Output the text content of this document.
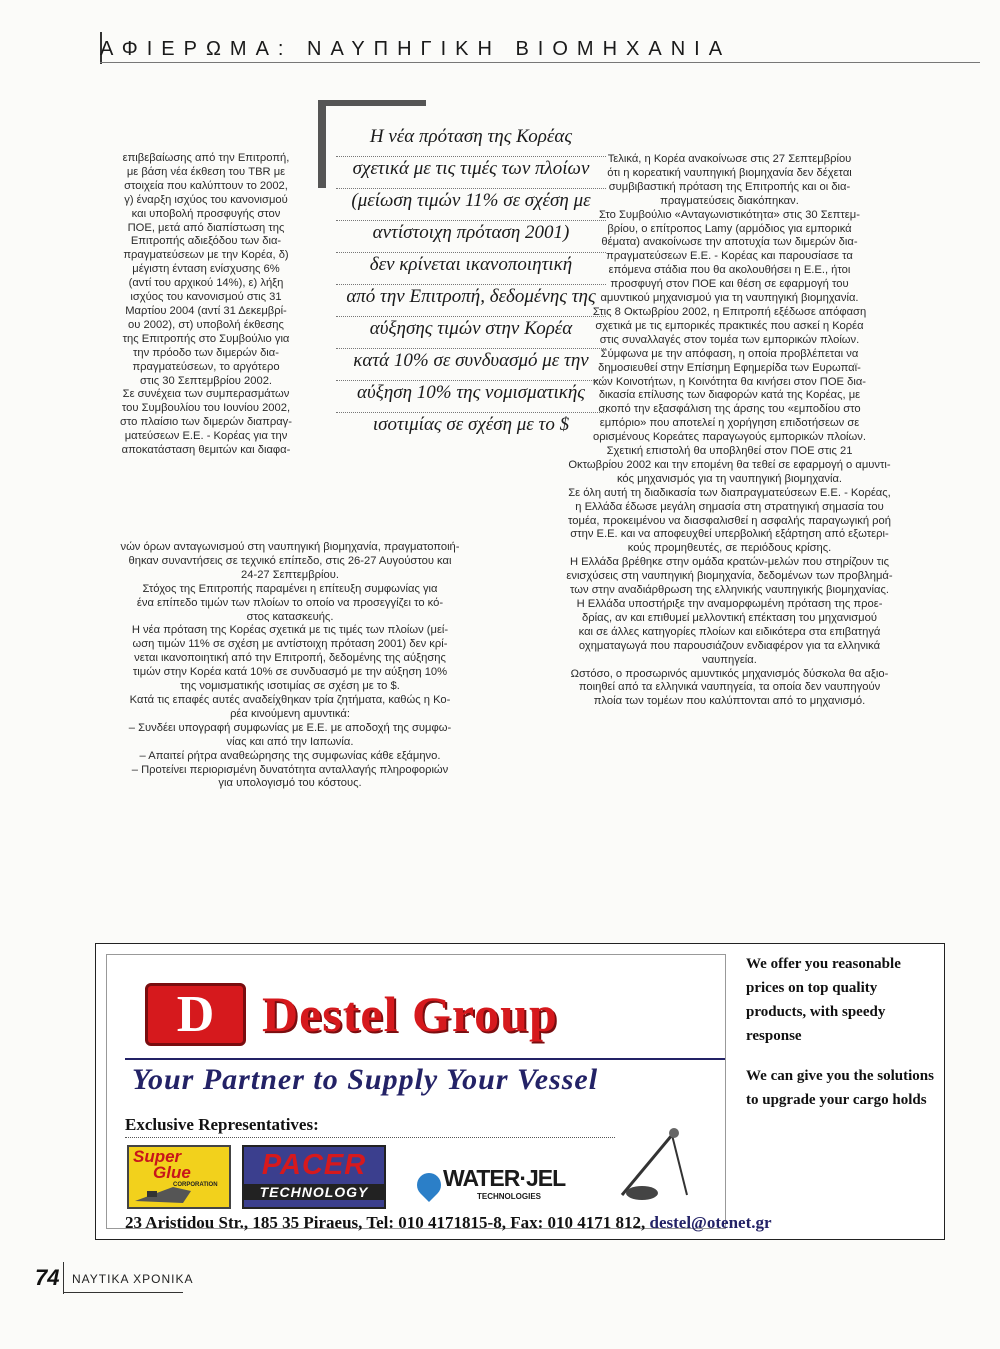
ΑΦΙΕΡΩΜΑ: ΝΑΥΠΗΓΙΚΗ ΒΙΟΜΗΧΑΝΙΑ
επιβεβαίωσης από την Επιτροπή,
με βάση νέα έκθεση του TBR με
στοιχεία που καλύπτουν το 2002,
γ) έναρξη ισχύος του κανονισμού
και υποβολή προσφυγής στον
ΠΟΕ, μετά από διαπίστωση της
Επιτροπής αδιεξόδου των δια-
πραγματεύσεων με την Κορέα, δ)
μέγιστη ένταση ενίσχυσης 6%
(αντί του αρχικού 14%), ε) λήξη
ισχύος του κανονισμού στις 31
Μαρτίου 2004 (αντί 31 Δεκεμβρί-
ου 2002), στ) υποβολή έκθεσης
της Επιτροπής στο Συμβούλιο για
την πρόοδο των διμερών δια-
πραγματεύσεων, το αργότερο
στις 30 Σεπτεμβρίου 2002.
Σε συνέχεια των συμπερασμάτων
του Συμβουλίου του Ιουνίου 2002,
στο πλαίσιο των διμερών διαπραγ-
ματεύσεων Ε.Ε. - Κορέας για την
αποκατάσταση θεμιτών και διαφα-
νών όρων ανταγωνισμού στη ναυπηγική βιομηχανία, πραγματοποιή-
θηκαν συναντήσεις σε τεχνικό επίπεδο, στις 26-27 Αυγούστου και
24-27 Σεπτεμβρίου.
Στόχος της Επιτροπής παραμένει η επίτευξη συμφωνίας για
ένα επίπεδο τιμών των πλοίων το οποίο να προσεγγίζει το κό-
στος κατασκευής.
Η νέα πρόταση της Κορέας σχετικά με τις τιμές των πλοίων (μεί-
ωση τιμών 11% σε σχέση με αντίστοιχη πρόταση 2001) δεν κρί-
νεται ικανοποιητική από την Επιτροπή, δεδομένης της αύξησης
τιμών στην Κορέα κατά 10% σε συνδυασμό με την αύξηση 10%
της νομισματικής ισοτιμίας σε σχέση με το $.
Κατά τις επαφές αυτές αναδείχθηκαν τρία ζητήματα, καθώς η Κο-
ρέα κινούμενη αμυντικά:
– Συνδέει υπογραφή συμφωνίας με Ε.Ε. με αποδοχή της συμφω-
νίας και από την Ιαπωνία.
– Απαιτεί ρήτρα αναθεώρησης της συμφωνίας κάθε εξάμηνο.
– Προτείνει περιορισμένη δυνατότητα ανταλλαγής πληροφοριών
για υπολογισμό του κόστους.
Τελικά, η Κορέα ανακοίνωσε στις 27 Σεπτεμβρίου
ότι η κορεατική ναυπηγική βιομηχανία δεν δέχεται
συμβιβαστική πρόταση της Επιτροπής και οι δια-
πραγματεύσεις διακόπηκαν.
Στο Συμβούλιο «Ανταγωνιστικότητα» στις 30 Σεπτεμ-
βρίου, ο επίτροπος Lamy (αρμόδιος για εμπορικά
θέματα) ανακοίνωσε την αποτυχία των διμερών δια-
πραγματεύσεων Ε.Ε. - Κορέας και παρουσίασε τα
επόμενα στάδια που θα ακολουθήσει η Ε.Ε., ήτοι
προσφυγή στον ΠΟΕ και θέση σε εφαρμογή του
αμυντικού μηχανισμού για τη ναυπηγική βιομηχανία.
Στις 8 Οκτωβρίου 2002, η Επιτροπή εξέδωσε απόφαση
σχετικά με τις εμπορικές πρακτικές που ασκεί η Κορέα
στις συναλλαγές στον τομέα των εμπορικών πλοίων.
Σύμφωνα με την απόφαση, η οποία προβλέπεται να
δημοσιευθεί στην Επίσημη Εφημερίδα των Ευρωπαϊ-
κών Κοινοτήτων, η Κοινότητα θα κινήσει στον ΠΟΕ δια-
δικασία επίλυσης των διαφορών κατά της Κορέας, με
σκοπό την εξασφάλιση της άρσης του «εμποδίου στο
εμπόριο» που αποτελεί η χορήγηση επιδοτήσεων σε
ορισμένους Κορεάτες παραγωγούς εμπορικών πλοίων.
Σχετική επιστολή θα υποβληθεί στον ΠΟΕ στις 21
Οκτωβρίου 2002 και την επομένη θα τεθεί σε εφαρμογή ο αμυντι-
κός μηχανισμός για τη ναυπηγική βιομηχανία.
Σε όλη αυτή τη διαδικασία των διαπραγματεύσεων Ε.Ε. - Κορέας,
η Ελλάδα έδωσε μεγάλη σημασία στη στρατηγική σημασία του
τομέα, προκειμένου να διασφαλισθεί η ασφαλής παραγωγική ροή
στην Ε.Ε. και να αποφευχθεί υπερβολική εξάρτηση από εξωτερι-
κούς προμηθευτές, σε περιόδους κρίσης.
Η Ελλάδα βρέθηκε στην ομάδα κρατών-μελών που στηρίζουν τις
ενισχύσεις στη ναυπηγική βιομηχανία, δεδομένων των προβλημά-
των στην αναδιάρθρωση της ελληνικής ναυπηγικής βιομηχανίας.
Η Ελλάδα υποστήριξε την αναμορφωμένη πρόταση της προε-
δρίας, αν και επιθυμεί μελλοντική επέκταση του μηχανισμού
και σε άλλες κατηγορίες πλοίων και ειδικότερα στα επιβατηγά
οχηματαγωγά που παρουσιάζουν ενδιαφέρον για τα ελληνικά
ναυπηγεία.
Ωστόσο, ο προσωρινός αμυντικός μηχανισμός δύσκολα θα αξιο-
ποιηθεί από τα ελληνικά ναυπηγεία, τα οποία δεν ναυπηγούν
πλοία των τομέων που καλύπτονται από το μηχανισμό.
Η νέα πρόταση της Κορέας
σχετικά με τις τιμές των πλοίων
(μείωση τιμών 11% σε σχέση με
αντίστοιχη πρόταση 2001)
δεν κρίνεται ικανοποιητική
από την Επιτροπή, δεδομένης της
αύξησης τιμών στην Κορέα
κατά 10% σε συνδυασμό με την
αύξηση 10% της νομισματικής
ισοτιμίας σε σχέση με το $
D Destel Group
Your Partner to Supply Your Vessel
Exclusive Representatives:
Super
Glue
CORPORATION
PACER
TECHNOLOGY
WATER·JEL
TECHNOLOGIES
23 Aristidou Str., 185 35 Piraeus, Tel: 010 4171815-8, Fax: 010 4171 812, destel@otenet.gr

We offer you reasonable prices on top quality products, with speedy response

We can give you the solutions to upgrade your cargo holds

74 ΝΑΥΤΙΚΑ ΧΡΟΝΙΚΑ
